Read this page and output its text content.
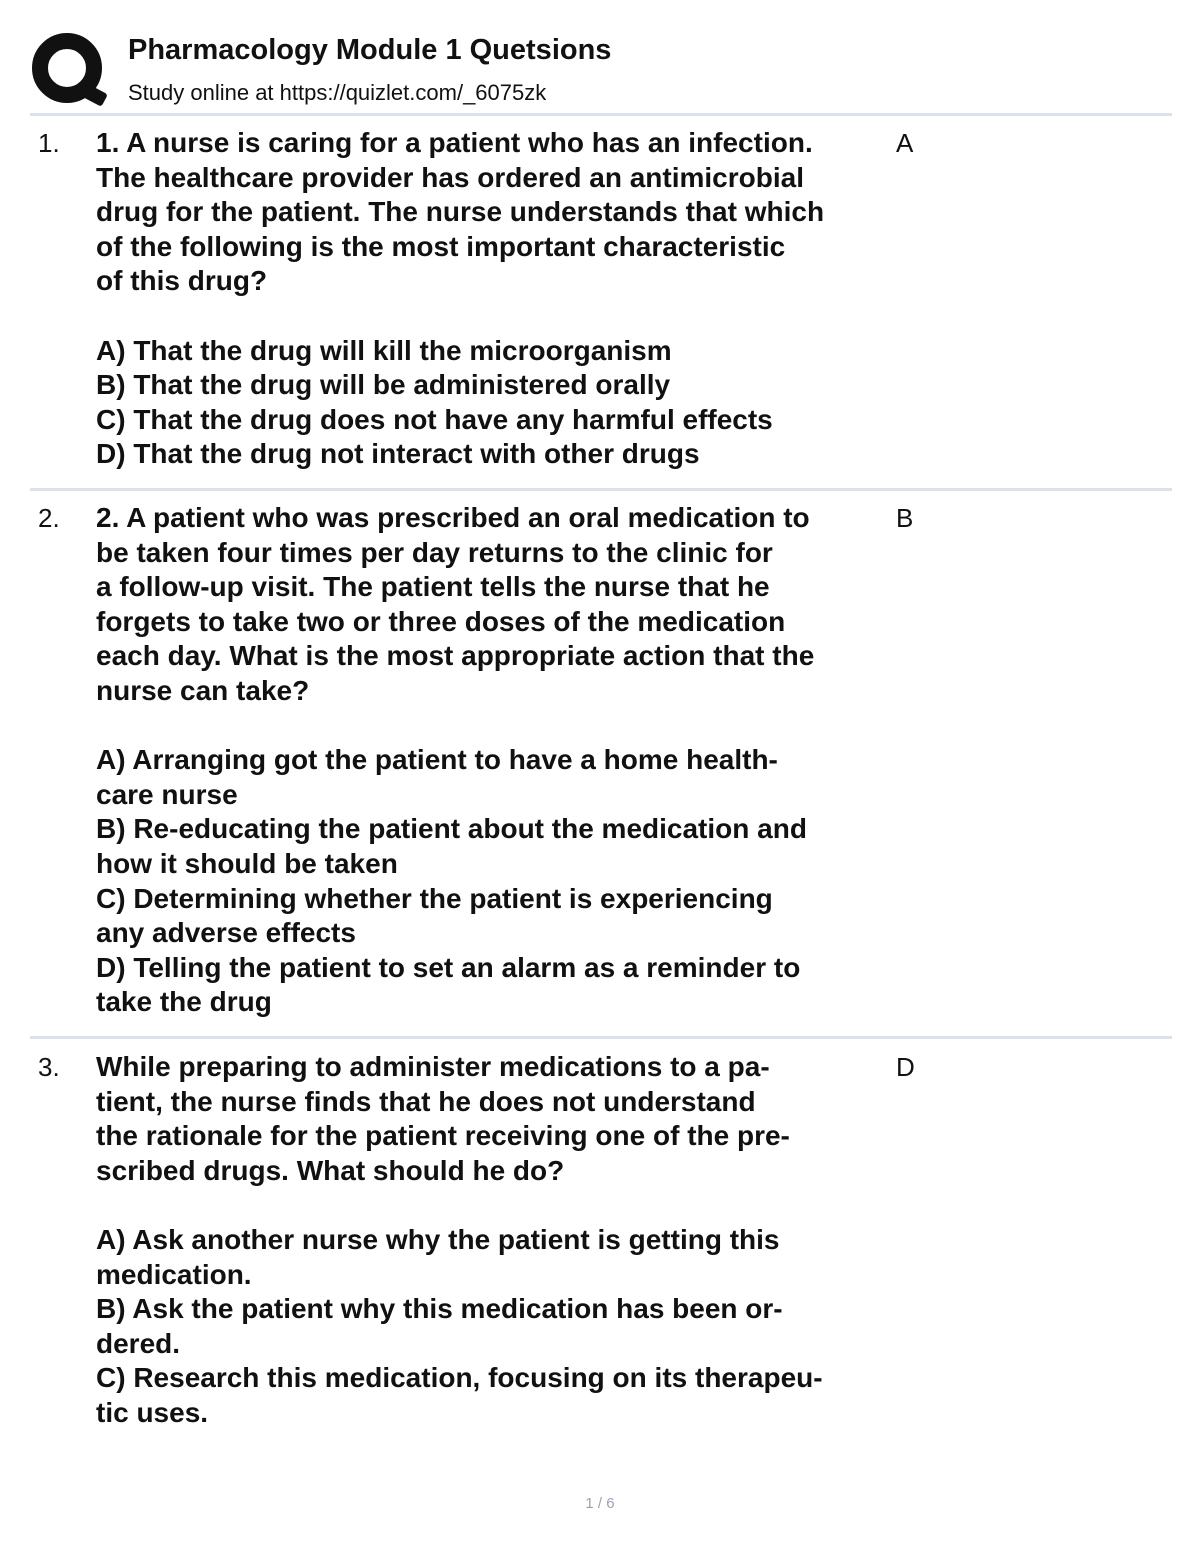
Pharmacology Module 1 Quetsions
Study online at https://quizlet.com/_6075zk
1. 1. A nurse is caring for a patient who has an infection.
The healthcare provider has ordered an antimicrobial
drug for the patient. The nurse understands that which
of the following is the most important characteristic
of this drug?
A) That the drug will kill the microorganism
B) That the drug will be administered orally
C) That the drug does not have any harmful effects
D) That the drug not interact with other drugs
A
2. 2. A patient who was prescribed an oral medication to
be taken four times per day returns to the clinic for
a follow-up visit. The patient tells the nurse that he
forgets to take two or three doses of the medication
each day. What is the most appropriate action that the
nurse can take?
A) Arranging got the patient to have a home health-
care nurse
B) Re-educating the patient about the medication and
how it should be taken
C) Determining whether the patient is experiencing
any adverse effects
D) Telling the patient to set an alarm as a reminder to
take the drug
B
3. While preparing to administer medications to a pa-
tient, the nurse finds that he does not understand
the rationale for the patient receiving one of the pre-
scribed drugs. What should he do?
A) Ask another nurse why the patient is getting this
medication.
B) Ask the patient why this medication has been or-
dered.
C) Research this medication, focusing on its therapeu-
tic uses.
D
1 / 6
